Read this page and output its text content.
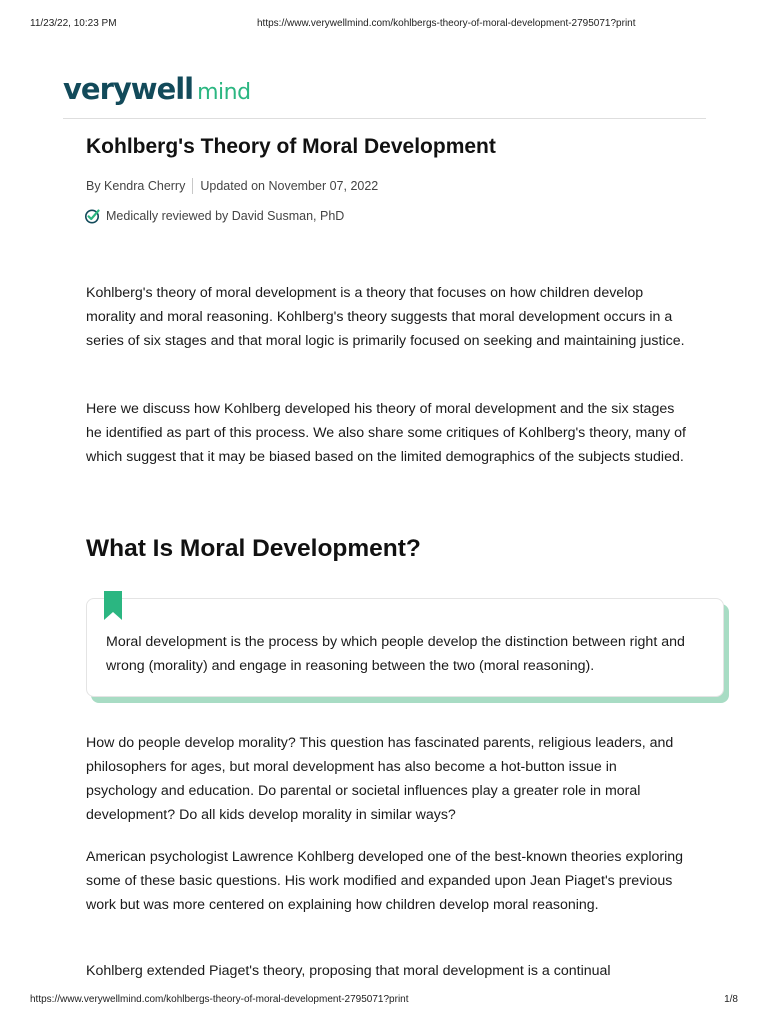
11/23/22, 10:23 PM	https://www.verywellmind.com/kohlbergs-theory-of-moral-development-2795071?print
verywell mind
Kohlberg's Theory of Moral Development
By Kendra Cherry Updated on November 07, 2022
Medically reviewed by David Susman, PhD

Kohlberg's theory of moral development is a theory that focuses on how children develop morality and moral reasoning. Kohlberg's theory suggests that moral development occurs in a series of six stages and that moral logic is primarily focused on seeking and maintaining justice.

Here we discuss how Kohlberg developed his theory of moral development and the six stages he identified as part of this process. We also share some critiques of Kohlberg's theory, many of which suggest that it may be biased based on the limited demographics of the subjects studied.

What Is Moral Development?

Moral development is the process by which people develop the distinction between right and wrong (morality) and engage in reasoning between the two (moral reasoning).

How do people develop morality? This question has fascinated parents, religious leaders, and philosophers for ages, but moral development has also become a hot-button issue in psychology and education. Do parental or societal influences play a greater role in moral development? Do all kids develop morality in similar ways?

American psychologist Lawrence Kohlberg developed one of the best-known theories exploring some of these basic questions. His work modified and expanded upon Jean Piaget's previous work but was more centered on explaining how children develop moral reasoning.

Kohlberg extended Piaget's theory, proposing that moral development is a continual

https://www.verywellmind.com/kohlbergs-theory-of-moral-development-2795071?print	1/8
